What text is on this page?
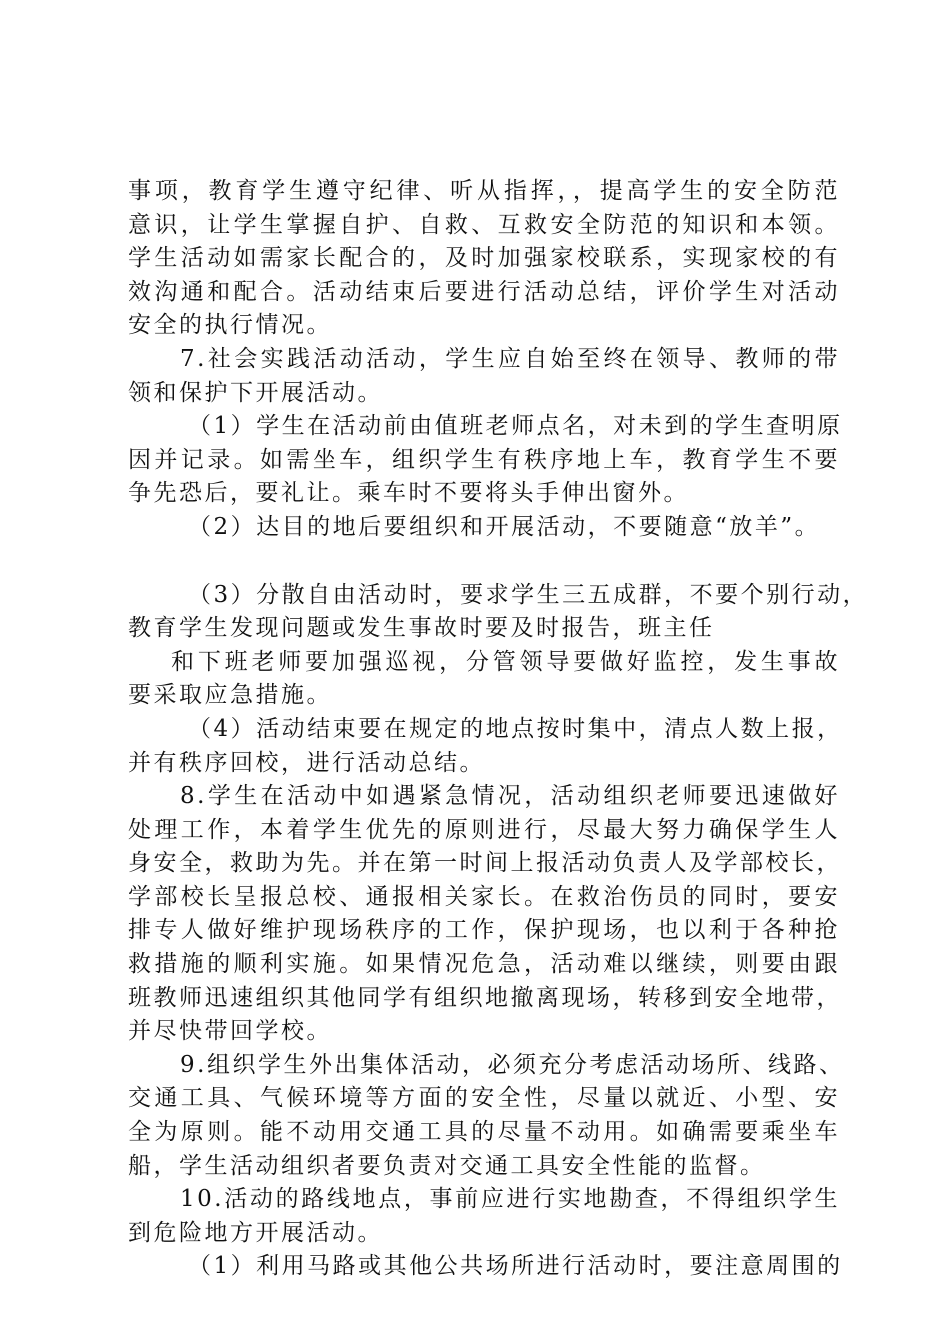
事项，教育学生遵守纪律、听从指挥，，提高学生的安全防范
意识，让学生掌握自护、自救、互救安全防范的知识和本领。
学生活动如需家长配合的，及时加强家校联系，实现家校的有
效沟通和配合。活动结束后要进行活动总结，评价学生对活动
安全的执行情况。
7.社会实践活动活动，学生应自始至终在领导、教师的带
领和保护下开展活动。
（1）学生在活动前由值班老师点名，对未到的学生查明原
因并记录。如需坐车，组织学生有秩序地上车，教育学生不要
争先恐后，要礼让。乘车时不要将头手伸出窗外。
（2）达目的地后要组织和开展活动，不要随意“放羊”。
（3）分散自由活动时，要求学生三五成群，不要个别行动，
教育学生发现问题或发生事故时要及时报告，班主任
和下班老师要加强巡视，分管领导要做好监控，发生事故
要采取应急措施。
（4）活动结束要在规定的地点按时集中，清点人数上报，
并有秩序回校，进行活动总结。
8.学生在活动中如遇紧急情况，活动组织老师要迅速做好
处理工作，本着学生优先的原则进行，尽最大努力确保学生人
身安全，救助为先。并在第一时间上报活动负责人及学部校长，
学部校长呈报总校、通报相关家长。在救治伤员的同时，要安
排专人做好维护现场秩序的工作，保护现场，也以利于各种抢
救措施的顺利实施。如果情况危急，活动难以继续，则要由跟
班教师迅速组织其他同学有组织地撤离现场，转移到安全地带，
并尽快带回学校。
9.组织学生外出集体活动，必须充分考虑活动场所、线路、
交通工具、气候环境等方面的安全性，尽量以就近、小型、安
全为原则。能不动用交通工具的尽量不动用。如确需要乘坐车
船，学生活动组织者要负责对交通工具安全性能的监督。
10.活动的路线地点，事前应进行实地勘查，不得组织学生
到危险地方开展活动。
（1）利用马路或其他公共场所进行活动时，要注意周围的
